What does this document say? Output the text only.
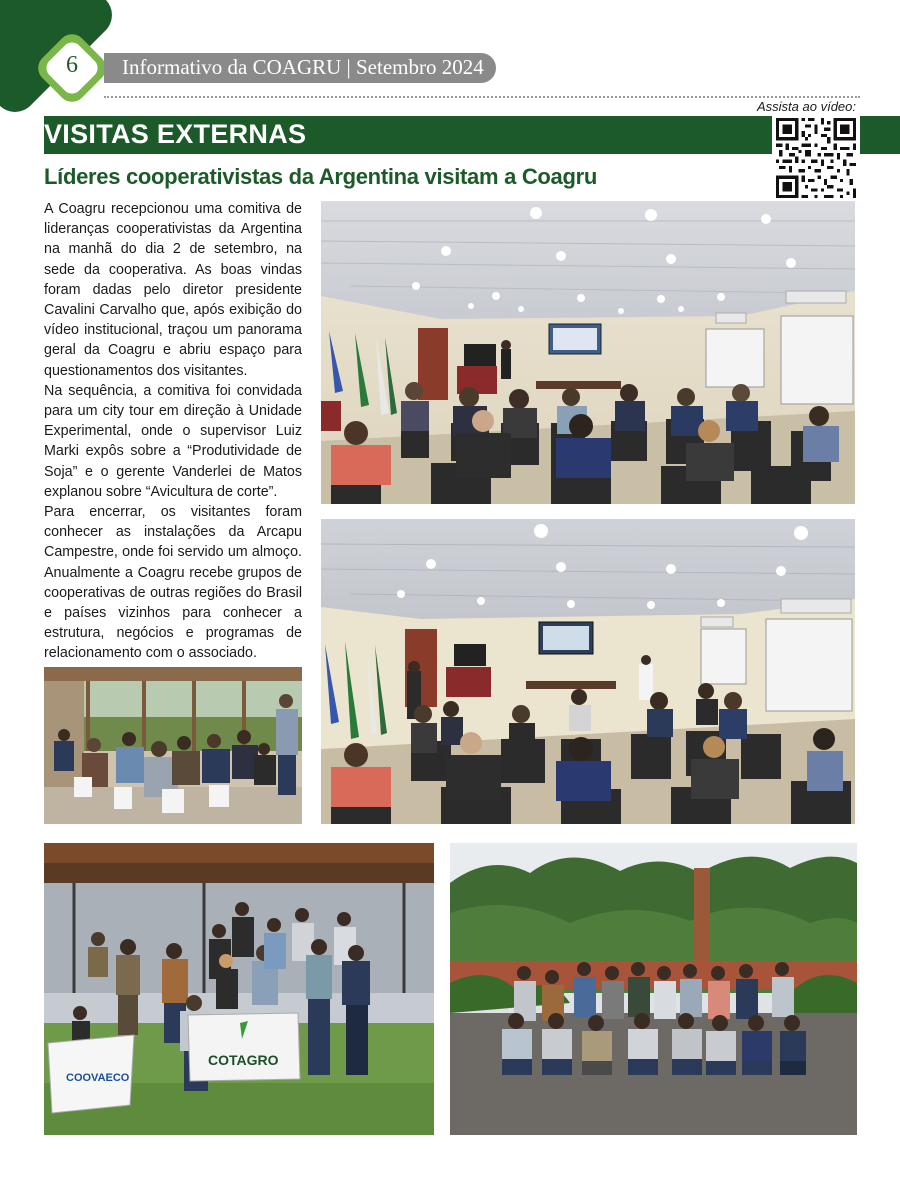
6	Informativo da COAGRU | Setembro 2024
VISITAS EXTERNAS
Assista ao vídeo:
Líderes cooperativistas da Argentina visitam a Coagru

A Coagru recepcionou uma comitiva de lideranças cooperativistas da Argentina na manhã do dia 2 de setembro, na sede da cooperativa. As boas vindas foram dadas pelo diretor presidente Cavalini Carvalho que, após exibição do vídeo institucional, traçou um panorama geral da Coagru e abriu espaço para questionamentos dos visitantes.

Na sequência, a comitiva foi convidada para um city tour em direção à Unidade Experimental, onde o supervisor Luiz Marki expôs sobre a “Produtividade de Soja” e o gerente Vanderlei de Matos explanou sobre “Avicultura de corte”.

Para encerrar, os visitantes foram conhecer as instalações da Arcapu Campestre, onde foi servido um almoço. Anualmente a Coagru recebe grupos de cooperativas de outras regiões do Brasil e países vizinhos para conhecer a estrutura, negócios e programas de relacionamento com o associado.

COOVAECO
COTAGRO
